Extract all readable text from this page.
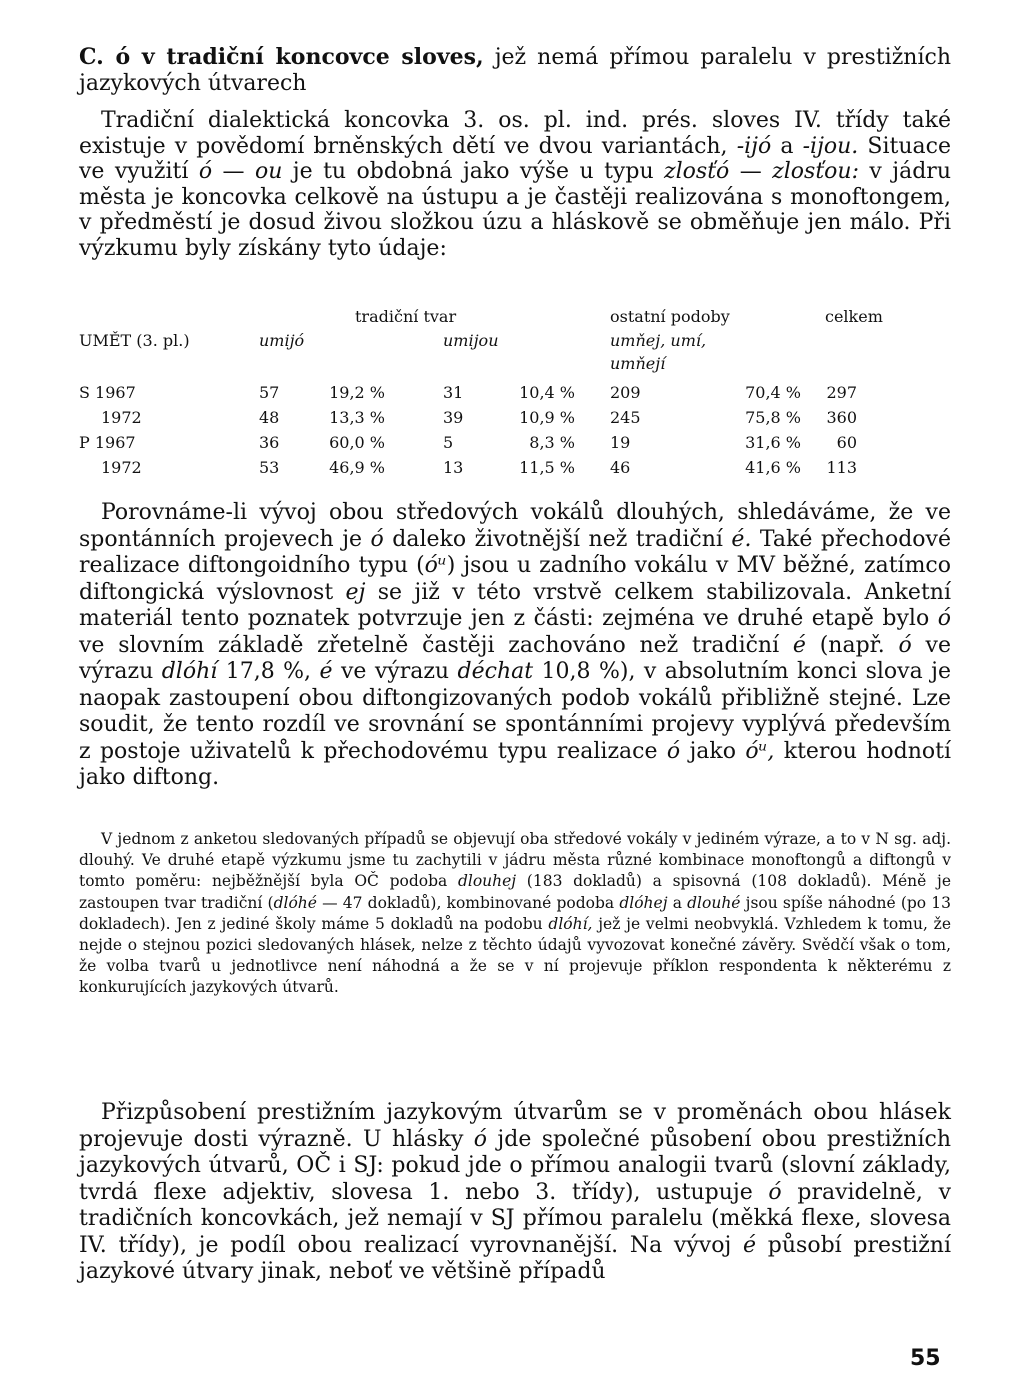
C. ó v tradiční koncovce sloves, jež nemá přímou paralelu v prestižních jazykových útvarech

Tradiční dialektická koncovka 3. os. pl. ind. prés. sloves IV. třídy také existuje v povědomí brněnských dětí ve dvou variantách, -ijó a -ijou. Situace ve využití ó — ou je tu obdobná jako výše u typu zlosťó — zlosťou: v jádru města je koncovka celkově na ústupu a je častěji realizována s monoftongem, v předměstí je dosud živou složkou úzu a hláskově se obměňuje jen málo. Při výzkumu byly získány tyto údaje:

tradiční tvar	ostatní podoby	celkem
UMĚT (3. pl.)	umijó	umijou	umňej, umí,
umňejí
S 1967	57	19,2 %	31	10,4 % 209	70,4 %	297
1972	48	13,3 %	39	10,9 % 245	75,8 %	360
P 1967	36	60,0 %	5	8,3 % 19	31,6 %	60
1972	53	46,9 %	13	11,5 % 46	41,6 %	113

Porovnáme-li vývoj obou středových vokálů dlouhých, shledáváme, že ve spontánních projevech je ó daleko životnější než tradiční é. Také přechodové realizace diftongoidního typu (óᵘ) jsou u zadního vokálu v MV běžné, zatímco diftongická výslovnost ej se již v této vrstvě celkem stabilizovala. Anketní materiál tento poznatek potvrzuje jen z části: zejména ve druhé etapě bylo ó ve slovním základě zřetelně častěji zachováno než tradiční é (např. ó ve výrazu dlóhí 17,8 %, é ve výrazu déchat 10,8 %), v absolutním konci slova je naopak zastoupení obou diftongizovaných podob vokálů přibližně stejné. Lze soudit, že tento rozdíl ve srovnání se spontánními projevy vyplývá především z postoje uživatelů k přechodovému typu realizace ó jako óᵘ, kterou hodnotí jako diftong.

V jednom z anketou sledovaných případů se objevují oba středové vokály v jediném výraze, a to v N sg. adj. dlouhý. Ve druhé etapě výzkumu jsme tu zachytili v jádru města různé kombinace monoftongů a diftongů v tomto poměru: nejběžnější byla OČ podoba dlouhej (183 dokladů) a spisovná (108 dokladů). Méně je zastoupen tvar tradiční (dlóhé — 47 dokladů), kombinované podoba dlóhej a dlouhé jsou spíše náhodné (po 13 dokladech). Jen z jediné školy máme 5 dokladů na podobu dlóhí, jež je velmi neobvyklá. Vzhledem k tomu, že nejde o stejnou pozici sledovaných hlásek, nelze z těchto údajů vyvozovat konečné závěry. Svědčí však o tom, že volba tvarů u jednotlivce není náhodná a že se v ní projevuje příklon respondenta k některému z konkurujících jazykových útvarů.

Přizpůsobení prestižním jazykovým útvarům se v proměnách obou hlásek projevuje dosti výrazně. U hlásky ó jde společné působení obou prestižních jazykových útvarů, OČ i SJ: pokud jde o přímou analogii tvarů (slovní základy, tvrdá flexe adjektiv, slovesa 1. nebo 3. třídy), ustupuje ó pravidelně, v tradičních koncovkách, jež nemají v SJ přímou paralelu (měkká flexe, slovesa IV. třídy), je podíl obou realizací vyrovnanější. Na vývoj é působí prestižní jazykové útvary jinak, neboť ve většině případů

55
